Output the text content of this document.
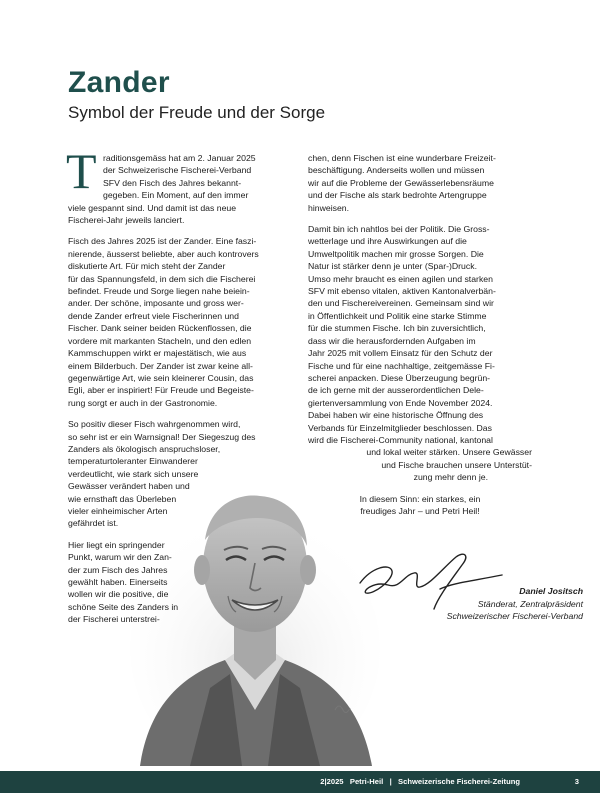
Zander
Symbol der Freude und der Sorge
T raditionsgemäss hat am 2. Januar 2025
der Schweizerische Fischerei-Verband
SFV den Fisch des Jahres bekannt-
gegeben. Ein Moment, auf den immer
viele gespannt sind. Und damit ist das neue
Fischerei-Jahr jeweils lanciert.

Fisch des Jahres 2025 ist der Zander. Eine faszi-
nierende, äusserst beliebte, aber auch kontrovers
diskutierte Art. Für mich steht der Zander
für das Spannungsfeld, in dem sich die Fischerei
befindet. Freude und Sorge liegen nahe beiein-
ander. Der schöne, imposante und gross wer-
dende Zander erfreut viele Fischerinnen und
Fischer. Dank seiner beiden Rückenflossen, die
vordere mit markanten Stacheln, und den edlen
Kammschuppen wirkt er majestätisch, wie aus
einem Bilderbuch. Der Zander ist zwar keine all-
gegenwärtige Art, wie sein kleinerer Cousin, das
Egli, aber er inspiriert! Für Freude und Begeiste-
rung sorgt er auch in der Gastronomie.

So positiv dieser Fisch wahrgenommen wird,
so sehr ist er ein Warnsignal! Der Siegeszug des
Zanders als ökologisch anspruchsloser,
temperaturtoleranter Einwanderer
verdeutlicht, wie stark sich unsere
Gewässer verändert haben und
wie ernsthaft das Überleben
vieler einheimischer Arten
gefährdet ist.

Hier liegt ein springender
Punkt, warum wir den Zan-
der zum Fisch des Jahres
gewählt haben. Einerseits
wollen wir die positive, die
schöne Seite des Zanders in
der Fischerei unterstrei-

chen, denn Fischen ist eine wunderbare Freizeit-
beschäftigung. Anderseits wollen und müssen
wir auf die Probleme der Gewässerlebensräume
und der Fische als stark bedrohte Artengruppe
hinweisen.

Damit bin ich nahtlos bei der Politik. Die Gross-
wetterlage und ihre Auswirkungen auf die
Umweltpolitik machen mir grosse Sorgen. Die
Natur ist stärker denn je unter (Spar-)Druck.
Umso mehr braucht es einen agilen und starken
SFV mit ebenso vitalen, aktiven Kantonalverbän-
den und Fischereivereinen. Gemeinsam sind wir
in Öffentlichkeit und Politik eine starke Stimme
für die stummen Fische. Ich bin zuversichtlich,
dass wir die herausfordernden Aufgaben im
Jahr 2025 mit vollem Einsatz für den Schutz der
Fische und für eine nachhaltige, zeitgemässe Fi-
scherei anpacken. Diese Überzeugung begrün-
de ich gerne mit der ausserordentlichen Dele-
giertenversammlung von Ende November 2024.
Dabei haben wir eine historische Öffnung des
Verbands für Einzelmitglieder beschlossen. Das
wird die Fischerei-Community national, kantonal
und lokal weiter stärken. Unsere Gewässer
und Fische brauchen unsere Unterstüt-
zung mehr denn je.

In diesem Sinn: ein starkes, ein
freudiges Jahr – und Petri Heil!

Daniel Jositsch
Ständerat, Zentralpräsident
Schweizerischer Fischerei-Verband
2|2025 Petri-Heil | Schweizerische Fischerei-Zeitung	3
